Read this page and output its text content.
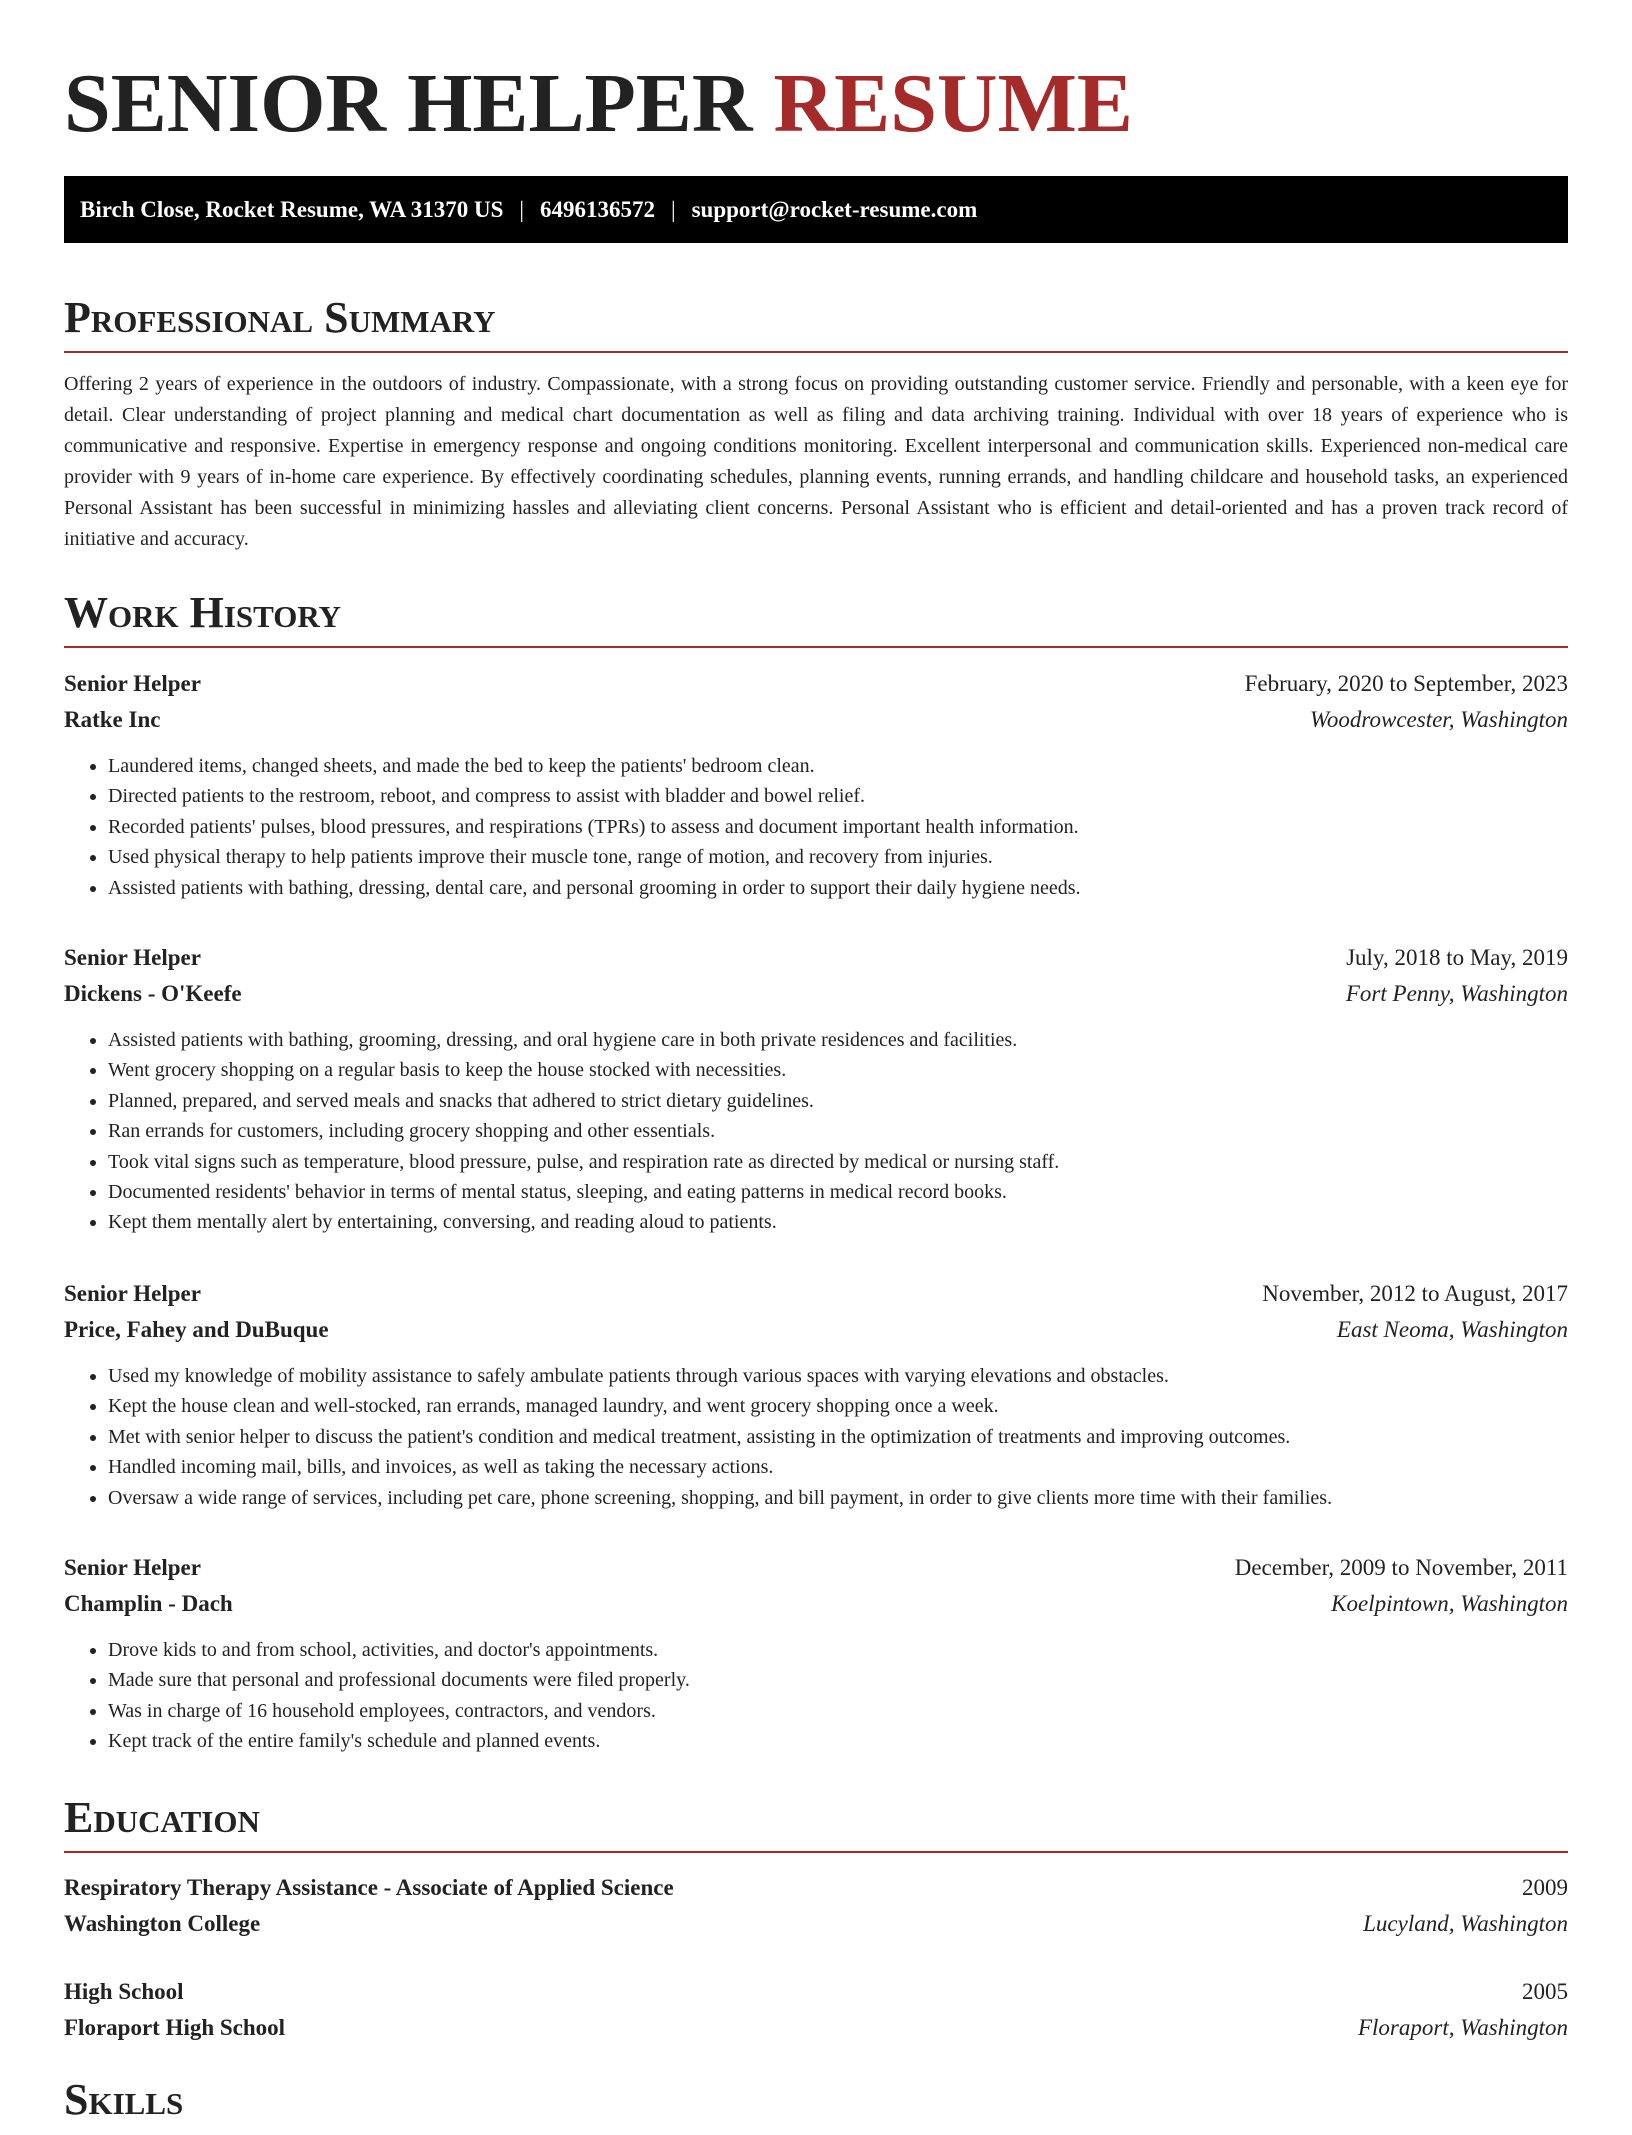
SENIOR HELPER RESUME
Birch Close, Rocket Resume, WA 31370 US | 6496136572 | support@rocket-resume.com
Professional Summary

Offering 2 years of experience in the outdoors of industry. Compassionate, with a strong focus on providing outstanding customer service. Friendly and personable, with a keen eye for detail. Clear understanding of project planning and medical chart documentation as well as filing and data archiving training. Individual with over 18 years of experience who is communicative and responsive. Expertise in emergency response and ongoing conditions monitoring. Excellent interpersonal and communication skills. Experienced non-medical care provider with 9 years of in-home care experience. By effectively coordinating schedules, planning events, running errands, and handling childcare and household tasks, an experienced Personal Assistant has been successful in minimizing hassles and alleviating client concerns. Personal Assistant who is efficient and detail-oriented and has a proven track record of initiative and accuracy.

Work History
Senior Helper	February, 2020 to September, 2023
Ratke Inc	Woodrowcester, Washington
• Laundered items, changed sheets, and made the bed to keep the patients' bedroom clean.
• Directed patients to the restroom, reboot, and compress to assist with bladder and bowel relief.
• Recorded patients' pulses, blood pressures, and respirations (TPRs) to assess and document important health information.
• Used physical therapy to help patients improve their muscle tone, range of motion, and recovery from injuries.
• Assisted patients with bathing, dressing, dental care, and personal grooming in order to support their daily hygiene needs.
Senior Helper	July, 2018 to May, 2019
Dickens - O'Keefe	Fort Penny, Washington
• Assisted patients with bathing, grooming, dressing, and oral hygiene care in both private residences and facilities.
• Went grocery shopping on a regular basis to keep the house stocked with necessities.
• Planned, prepared, and served meals and snacks that adhered to strict dietary guidelines.
• Ran errands for customers, including grocery shopping and other essentials.
• Took vital signs such as temperature, blood pressure, pulse, and respiration rate as directed by medical or nursing staff.
• Documented residents' behavior in terms of mental status, sleeping, and eating patterns in medical record books.
• Kept them mentally alert by entertaining, conversing, and reading aloud to patients.
Senior Helper	November, 2012 to August, 2017
Price, Fahey and DuBuque	East Neoma, Washington
• Used my knowledge of mobility assistance to safely ambulate patients through various spaces with varying elevations and obstacles.
• Kept the house clean and well-stocked, ran errands, managed laundry, and went grocery shopping once a week.
• Met with senior helper to discuss the patient's condition and medical treatment, assisting in the optimization of treatments and improving outcomes.
• Handled incoming mail, bills, and invoices, as well as taking the necessary actions.
• Oversaw a wide range of services, including pet care, phone screening, shopping, and bill payment, in order to give clients more time with their families.
Senior Helper	December, 2009 to November, 2011
Champlin - Dach	Koelpintown, Washington
• Drove kids to and from school, activities, and doctor's appointments.
• Made sure that personal and professional documents were filed properly.
• Was in charge of 16 household employees, contractors, and vendors.
• Kept track of the entire family's schedule and planned events.
Education
Respiratory Therapy Assistance - Associate of Applied Science	2009
Washington College	Lucyland, Washington
High School	2005
Floraport High School	Floraport, Washington
Skills
